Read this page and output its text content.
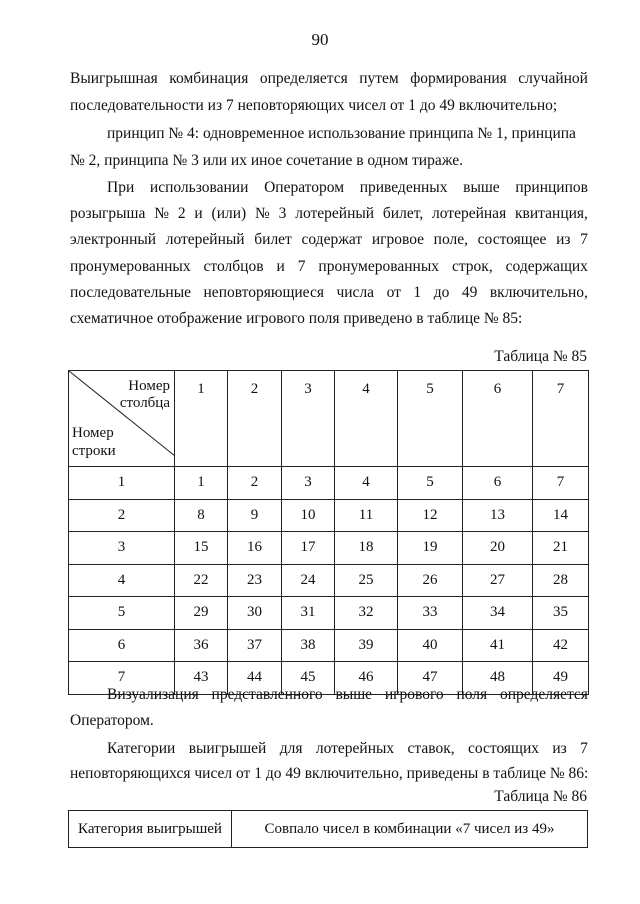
90
Выигрышная комбинация определяется путем формирования случайной
последовательности из 7 неповторяющих чисел от 1 до 49 включительно;
принцип № 4: одновременное использование принципа № 1, принципа
№ 2, принципа № 3 или их иное сочетание в одном тираже.
При использовании Оператором приведенных выше принципов
розыгрыша № 2 и (или) № 3 лотерейный билет, лотерейная квитанция,
электронный лотерейный билет содержат игровое поле, состоящее из 7
пронумерованных столбцов и 7 пронумерованных строк, содержащих
последовательные неповторяющиеся числа от 1 до 49 включительно,
схематичное отображение игрового поля приведено в таблице № 85:
Таблица № 85
Номер
столбца
Номер
строки	1	2	3	4	5	6	7
1	1	2	3	4	5	6	7
2	8	9	10	11	12	13	14
3	15	16	17	18	19	20	21
4	22	23	24	25	26	27	28
5	29	30	31	32	33	34	35
6	36	37	38	39	40	41	42
7	43	44	45	46	47	48	49
Визуализация представленного выше игрового поля определяется
Оператором.
Категории выигрышей для лотерейных ставок, состоящих из 7
неповторяющихся чисел от 1 до 49 включительно, приведены в таблице № 86:
Таблица № 86
Категория выигрышей	Совпало чисел в комбинации «7 чисел из 49»
